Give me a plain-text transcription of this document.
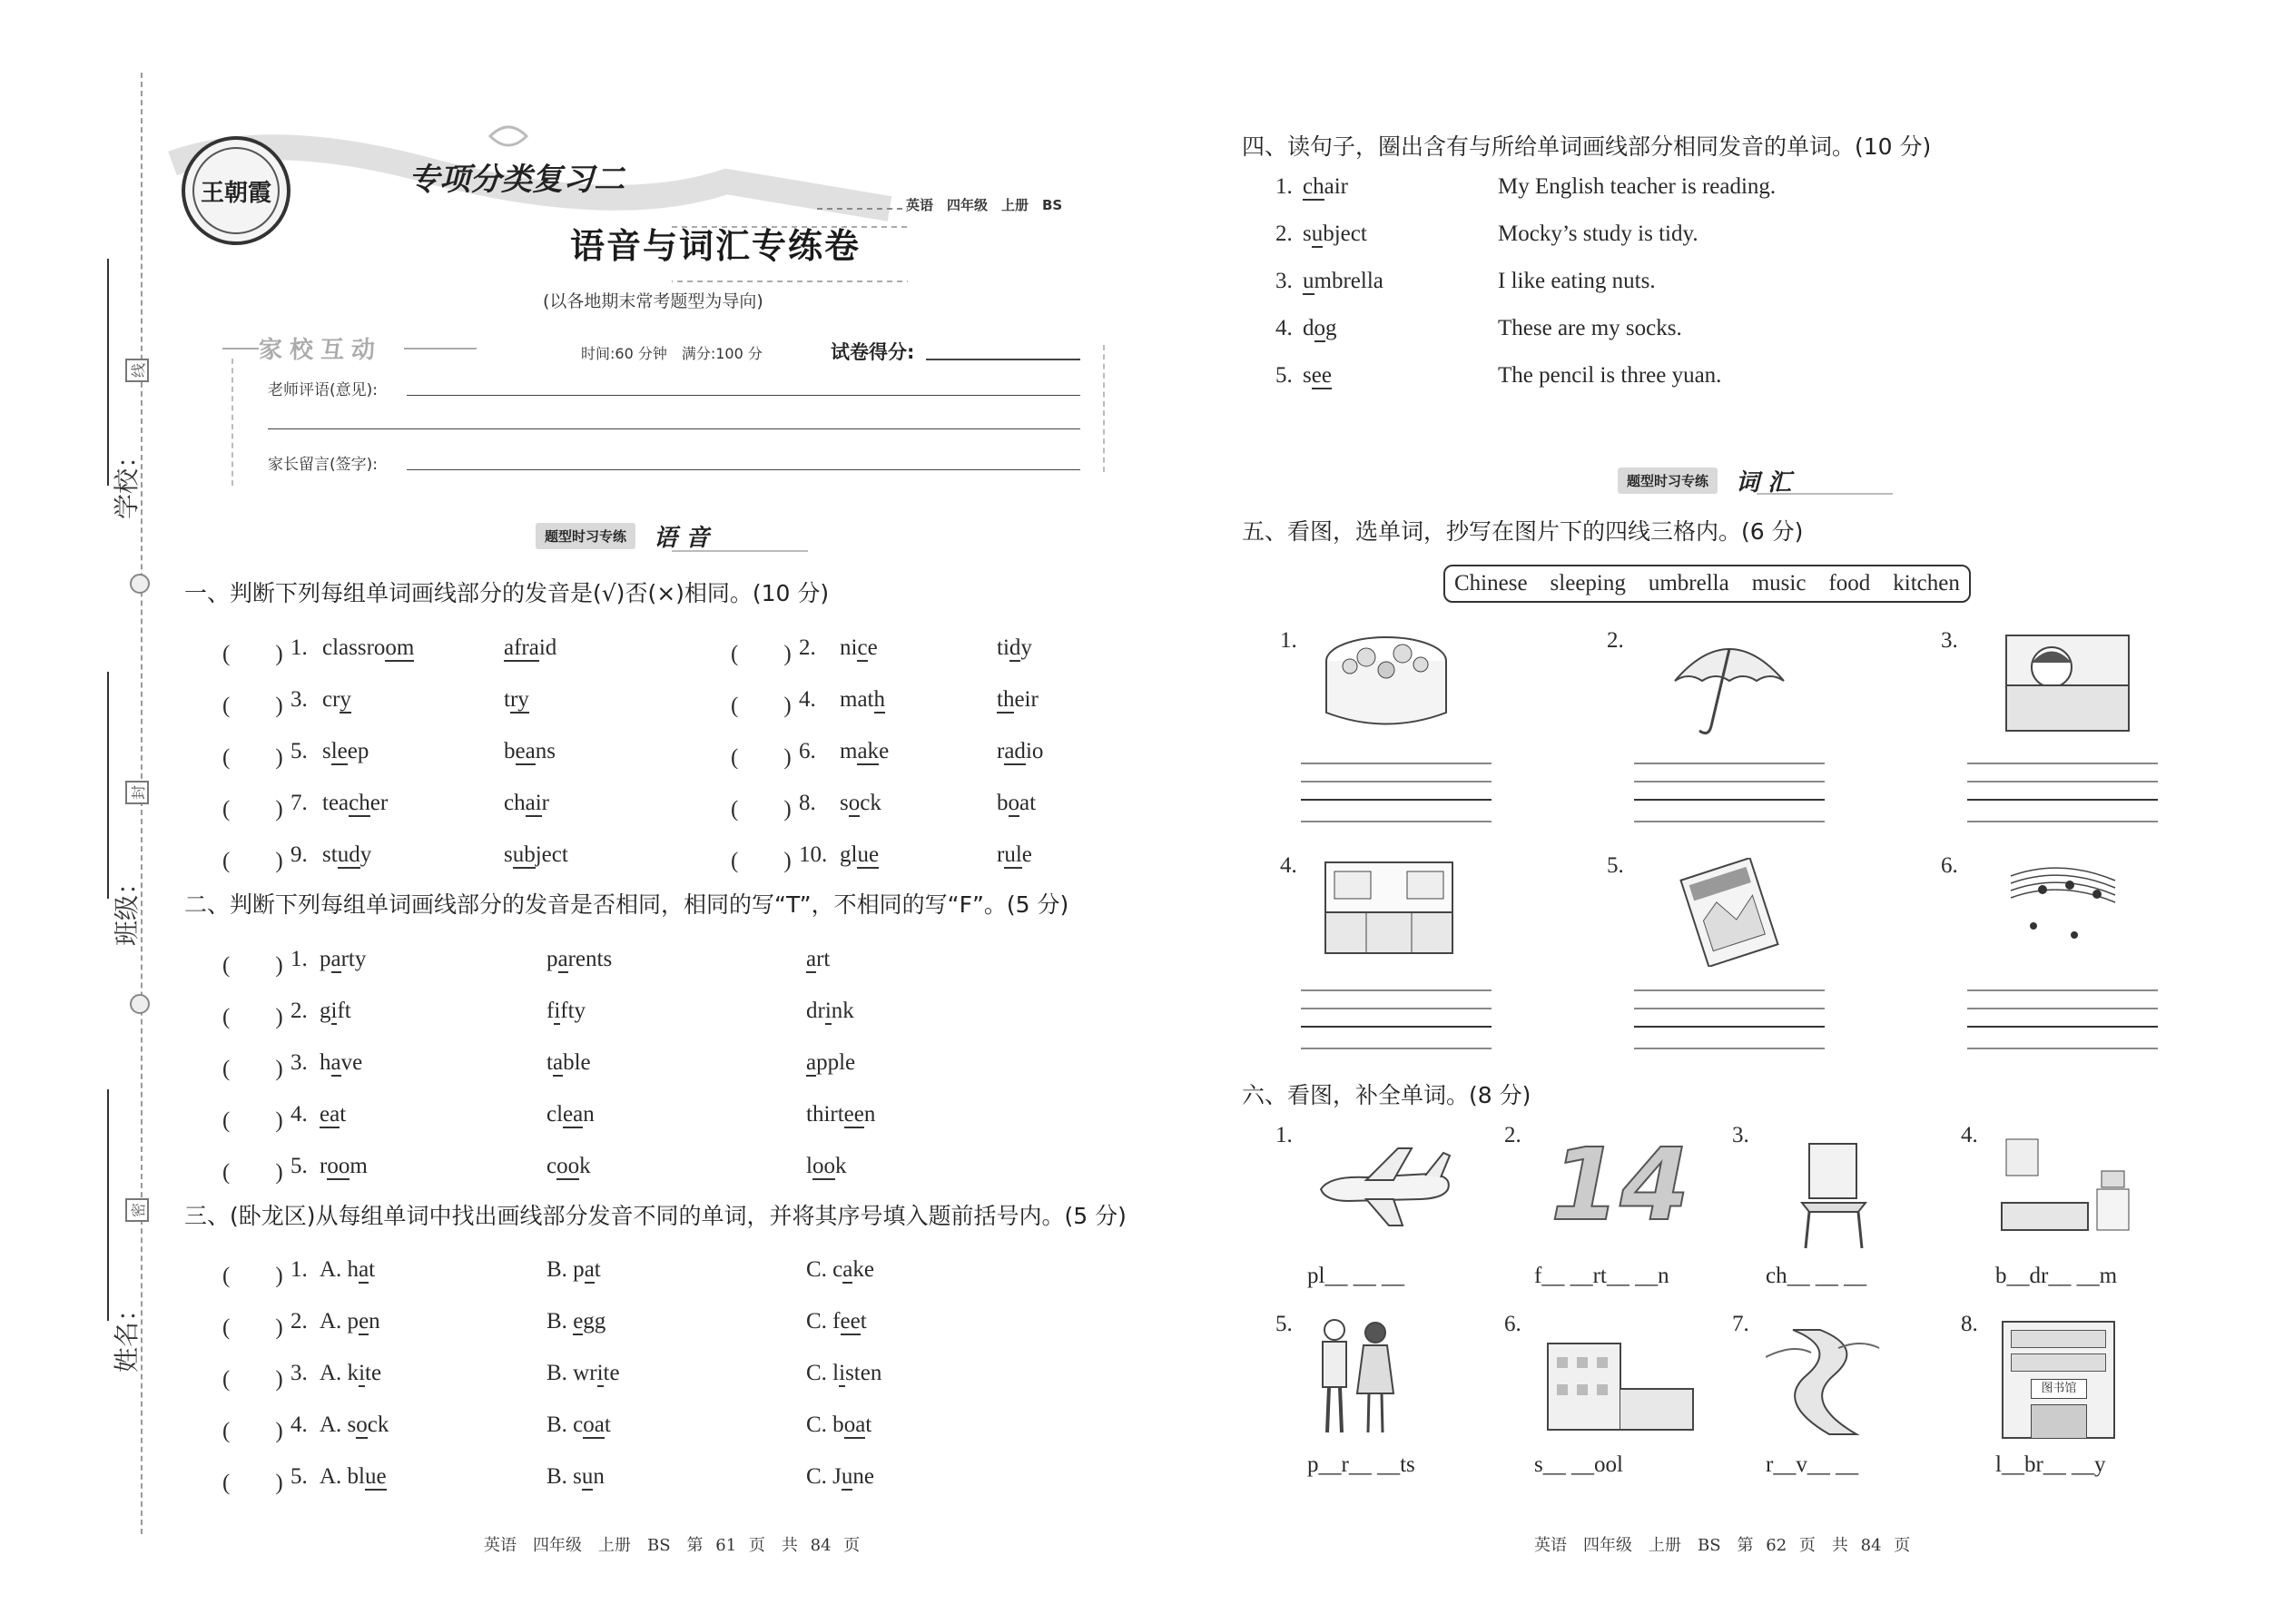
学校：
班级：
姓名：
线
封
密
王朝霞	专项分类复习二
英语　四年级　上册　BS
语音与词汇专练卷
(以各地期末常考题型为导向)
家校互动	时间:60 分钟　满分:100 分	试卷得分:
老师评语(意见):
家长留言(签字):
题型时习专练	语 音
一、判断下列每组单词画线部分的发音是(√)否(×)相同。(10 分)
(　　) 1. classroom	afraid	(　　) 2. nice	tidy
(　　) 3. cry	try	(　　) 4. math	their
(　　) 5. sleep	beans	(　　) 6. make	radio
(　　) 7. teacher	chair	(　　) 8. sock	boat
(　　) 9. study	subject	(　　) 10. glue	rule
二、判断下列每组单词画线部分的发音是否相同，相同的写“T”，不相同的写“F”。(5 分)
(　　) 1. party	parents	art
(　　) 2. gift	fifty	drink
(　　) 3. have	table	apple
(　　) 4. eat	clean	thirteen
(　　) 5. room	cook	look
三、(卧龙区)从每组单词中找出画线部分发音不同的单词，并将其序号填入题前括号内。(5 分)
(　　) 1. A. hat	B. pat	C. cake
(　　) 2. A. pen	B. egg	C. feet
(　　) 3. A. kite	B. write	C. listen
(　　) 4. A. sock	B. coat	C. boat
(　　) 5. A. blue	B. sun	C. June
英语　四年级　上册　BS　第 61 页　共 84 页
四、读句子，圈出含有与所给单词画线部分相同发音的单词。(10 分)
1. chair	My English teacher is reading.
2. subject	Mocky’s study is tidy.
3. umbrella	I like eating nuts.
4. dog	These are my socks.
5. see	The pencil is three yuan.
题型时习专练	词 汇
五、看图，选单词，抄写在图片下的四线三格内。(6 分)
Chinese　sleeping　umbrella　music　food　kitchen
1.	2.	3.
4.	5.	6.
六、看图，补全单词。(8 分)
1.
pl__ __ __
2.
f__ __rt__ __n
3.
ch__ __ __
4.
b__dr__ __m
5.
p__r__ __ts
6.
s__ __ool
7.
r__v__ __
8.
l__br__ __y
14
图书馆
英语　四年级　上册　BS　第 62 页　共 84 页
